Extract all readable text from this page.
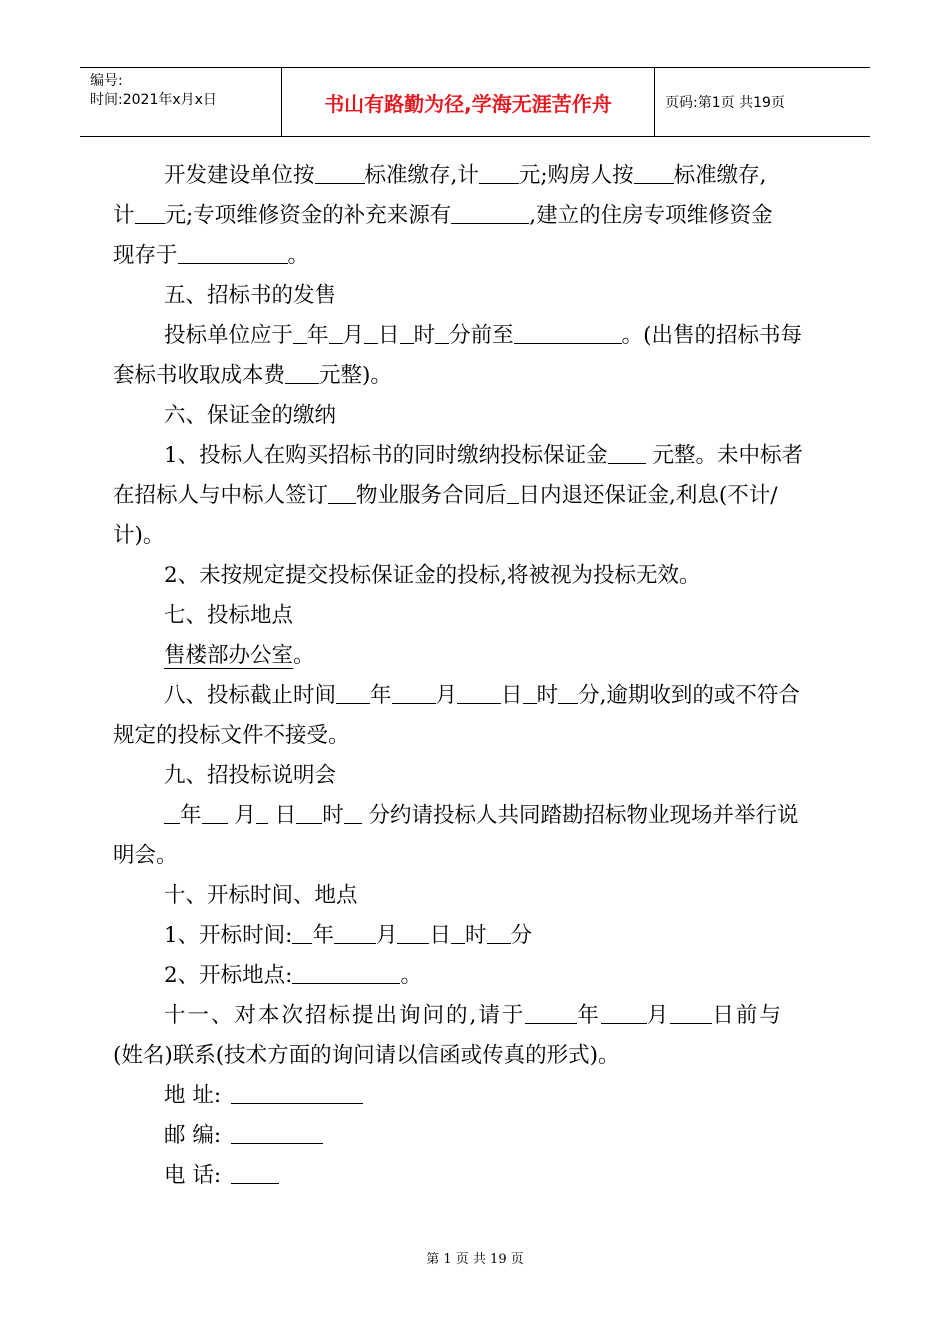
编号:
时间:2021年x月x日	书山有路勤为径,学海无涯苦作舟	页码:第1页 共19页
开发建设单位按 标准缴存,计 元;购房人按 标准缴存,
计 元;专项维修资金的补充来源有	,建立的住房专项维修资金
现存于	。
五、招标书的发售
投标单位应于 年 月 日 时 分前至	。(出售的招标书每
套标书收取成本费 元整)。
六、保证金的缴纳
1、投标人在购买招标书的同时缴纳投标保证金 元整。未中标者
在招标人与中标人签订 物业服务合同后 日内退还保证金,利息(不计/
计)。
2、未按规定提交投标保证金的投标,将被视为投标无效。
七、投标地点
售楼部办公室。
八、投标截止时间 年 月 日 时 分,逾期收到的或不符合
规定的投标文件不接受。
九、招投标说明会
年 月 日 时 分约请投标人共同踏勘招标物业现场并举行说
明会。
十、开标时间、地点
1、开标时间: 年 月 日 时 分
2、开标地点:	。
十一、对本次招标提出询问的,请于 年 月 日前与
(姓名)联系(技术方面的询问请以信函或传真的形式)。
地 址:
邮 编:
电 话:
第 1 页 共 19 页
